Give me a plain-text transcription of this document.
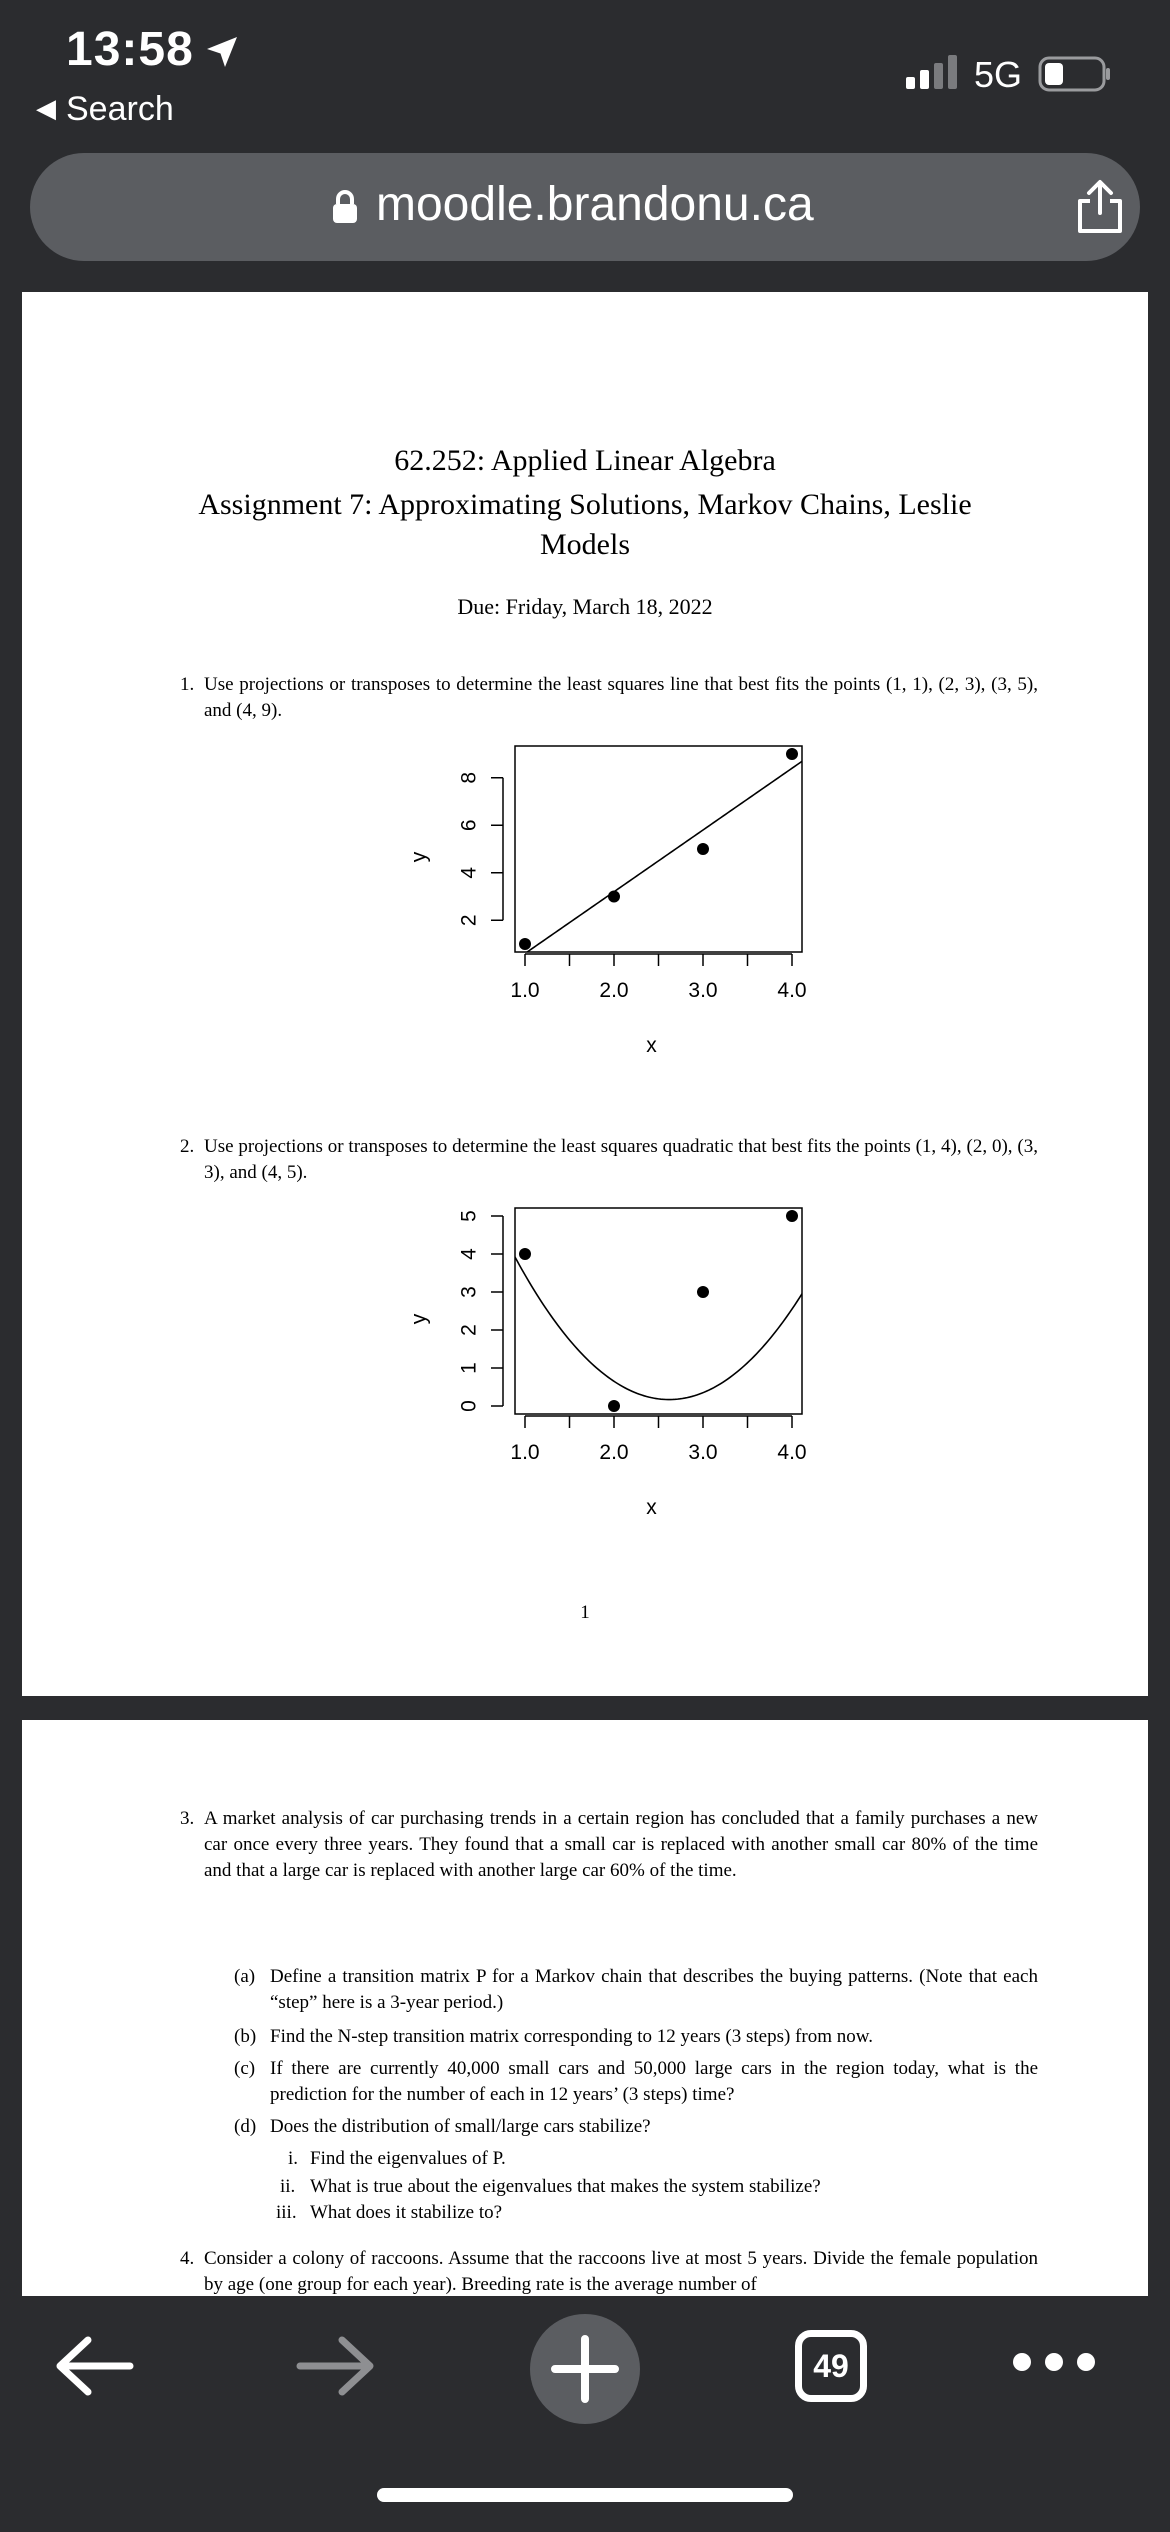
13:58
◀ Search
5G
moodle.brandonu.ca
62.252: Applied Linear Algebra
Assignment 7: Approximating Solutions, Markov Chains, Leslie Models
Due: Friday, March 18, 2022
1. Use projections or transposes to determine the least squares line that best fits the points (1, 1), (2, 3), (3, 5), and (4, 9).
1.0	2.0	3.0	4.0
2
4
6
8
x
y
2. Use projections or transposes to determine the least squares quadratic that best fits the points (1, 4), (2, 0), (3, 3), and (4, 5).
1.0	2.0	3.0	4.0
0
1
2
3
4
5
x
y
1
3. A market analysis of car purchasing trends in a certain region has concluded that a family purchases a new car once every three years. They found that a small car is replaced with another small car 80% of the time and that a large car is replaced with another large car 60% of the time.
(a) Define a transition matrix P for a Markov chain that describes the buying patterns. (Note that each “step” here is a 3-year period.)
(b) Find the N-step transition matrix corresponding to 12 years (3 steps) from now.
(c) If there are currently 40,000 small cars and 50,000 large cars in the region today, what is the prediction for the number of each in 12 years’ (3 steps) time?
(d) Does the distribution of small/large cars stabilize?
i. Find the eigenvalues of P.
ii. What is true about the eigenvalues that makes the system stabilize?
iii. What does it stabilize to?
4. Consider a colony of raccoons. Assume that the raccoons live at most 5 years. Divide the female population by age (one group for each year). Breeding rate is the average number of
49
